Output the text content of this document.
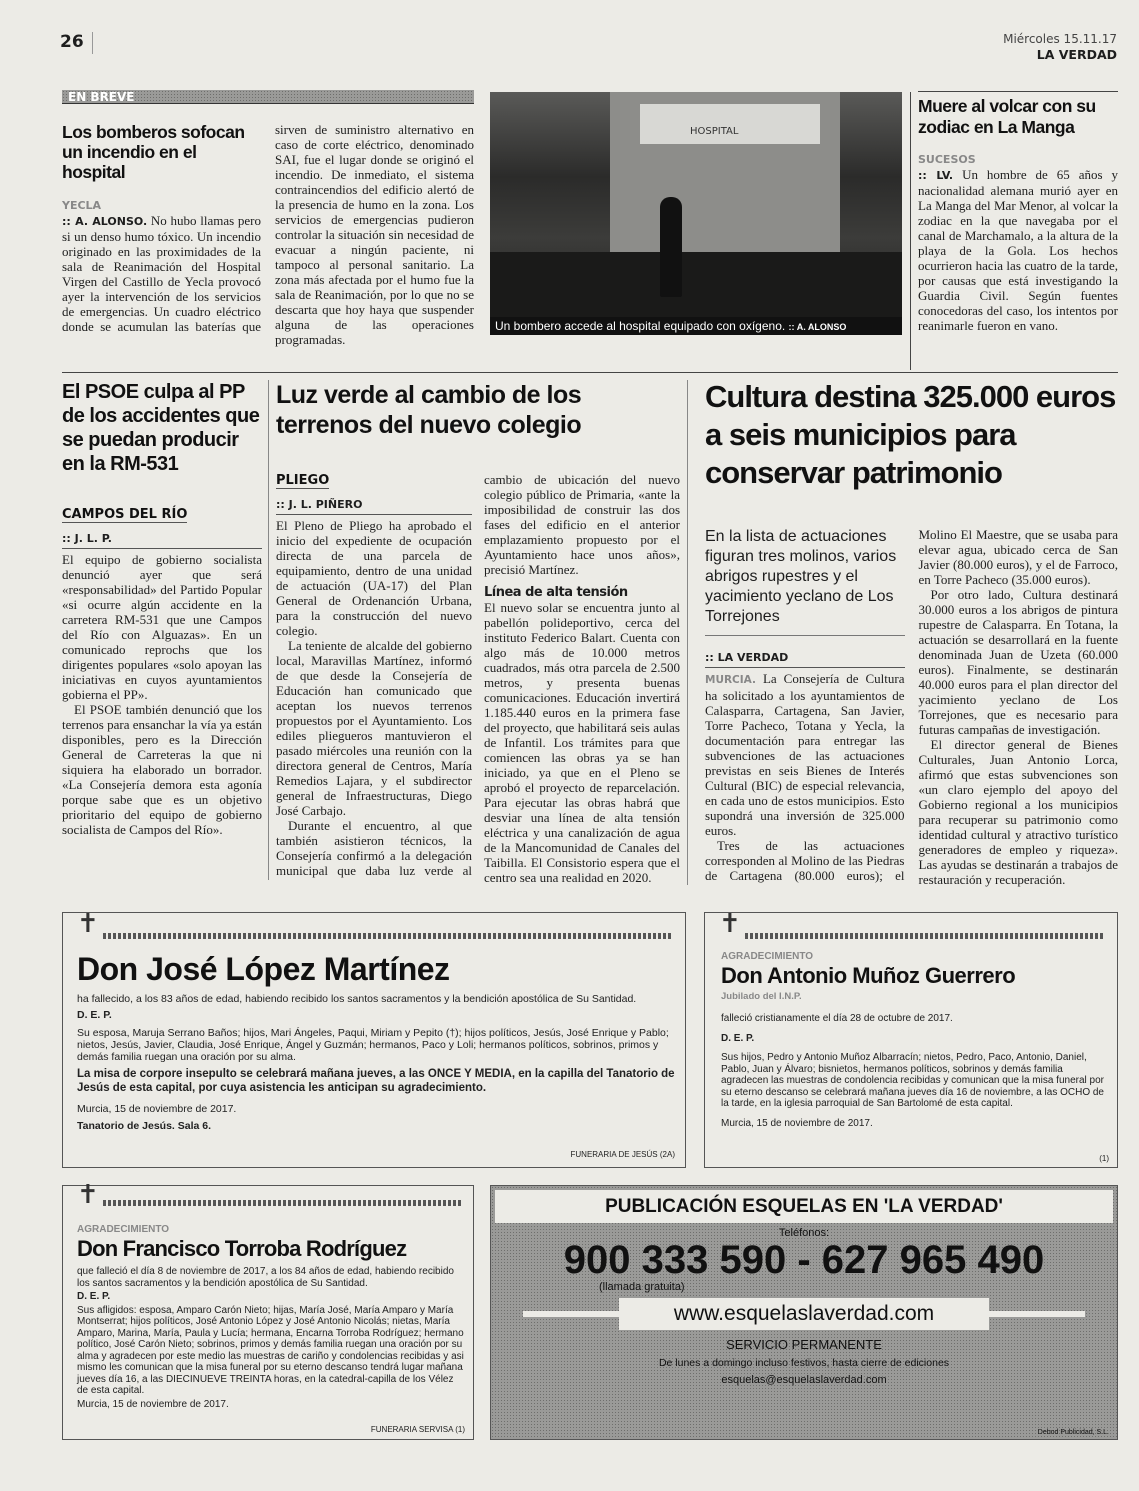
26	Miércoles 15.11.17
LA VERDAD
EN BREVE
Los bomberos sofocan un incendio en el hospital
YECLA

:: A. ALONSO. No hubo llamas pero si un denso humo tóxico. Un incendio originado en las proximidades de la sala de Reanimación del Hospital Virgen del Castillo de Yecla provocó ayer la intervención de los servicios de emergencias. Un cuadro eléctrico donde se acumulan las baterías que sirven de suministro alternativo en caso de corte eléctrico, denominado SAI, fue el lugar donde se originó el incendio. De inmediato, el sistema contraincendios del edificio alertó de la presencia de humo en la zona. Los servicios de emergencias pudieron controlar la situación sin necesidad de evacuar a ningún paciente, ni tampoco al personal sanitario. La zona más afectada por el humo fue la sala de Reanimación, por lo que no se descarta que hoy haya que suspender alguna de las operaciones programadas.

HOSPITAL
Un bombero accede al hospital equipado con oxígeno. :: A. ALONSO
Muere al volcar con su zodiac en La Manga
SUCESOS

:: LV. Un hombre de 65 años y nacionalidad alemana murió ayer en La Manga del Mar Menor, al volcar la zodiac en la que navegaba por el canal de Marchamalo, a la altura de la playa de la Gola. Los hechos ocurrieron hacia las cuatro de la tarde, por causas que está investigando la Guardia Civil. Según fuentes conocedoras del caso, los intentos por reanimarle fueron en vano.

El PSOE culpa al PP de los accidentes que se puedan producir en la RM-531
CAMPOS DEL RÍO
:: J. L. P.

El equipo de gobierno socialista denunció ayer que será «responsabilidad» del Partido Popular «si ocurre algún accidente en la carretera RM-531 que une Campos del Río con Alguazas». En un comunicado reprochs que los dirigentes populares «solo apoyan las iniciativas en cuyos ayuntamientos gobierna el PP».

El PSOE también denunció que los terrenos para ensanchar la vía ya están disponibles, pero es la Dirección General de Carreteras la que ni siquiera ha elaborado un borrador. «La Consejería demora esta agonía porque sabe que es un objetivo prioritario del equipo de gobierno socialista de Campos del Río».

Luz verde al cambio de los terrenos del nuevo colegio
PLIEGO
:: J. L. PIÑERO

El Pleno de Pliego ha aprobado el inicio del expediente de ocupación directa de una parcela de equipamiento, dentro de una unidad de actuación (UA-17) del Plan General de Ordenanción Urbana, para la construcción del nuevo colegio.

La teniente de alcalde del gobierno local, Maravillas Martínez, informó de que desde la Consejería de Educación han comunicado que aceptan los nuevos terrenos propuestos por el Ayuntamiento. Los ediles pliegueros mantuvieron el pasado miércoles una reunión con la directora general de Centros, María Remedios Lajara, y el subdirector general de Infraestructuras, Diego José Carbajo.

Durante el encuentro, al que también asistieron técnicos, la Consejería confirmó a la delegación municipal que daba luz verde al cambio de ubicación del nuevo colegio público de Primaria, «ante la imposibilidad de construir las dos fases del edificio en el anterior emplazamiento propuesto por el Ayuntamiento hace unos años», precisió Martínez.

Línea de alta tensión

El nuevo solar se encuentra junto al pabellón polideportivo, cerca del instituto Federico Balart. Cuenta con algo más de 10.000 metros cuadrados, más otra parcela de 2.500 metros, y presenta buenas comunicaciones. Educación invertirá 1.185.440 euros en la primera fase del proyecto, que habilitará seis aulas de Infantil. Los trámites para que comiencen las obras ya se han iniciado, ya que en el Pleno se aprobó el proyecto de reparcelación. Para ejecutar las obras habrá que desviar una línea de alta tensión eléctrica y una canalización de agua de la Mancomunidad de Canales del Taibilla. El Consistorio espera que el centro sea una realidad en 2020.

Cultura destina 325.000 euros a seis municipios para conservar patrimonio
En la lista de actuaciones figuran tres molinos, varios abrigos rupestres y el yacimiento yeclano de Los Torrejones
:: LA VERDAD

MURCIA. La Consejería de Cultura ha solicitado a los ayuntamientos de Calasparra, Cartagena, San Javier, Torre Pacheco, Totana y Yecla, la documentación para entregar las subvenciones de las actuaciones previstas en seis Bienes de Interés Cultural (BIC) de especial relevancia, en cada uno de estos municipios. Esto supondrá una inversión de 325.000 euros.

Tres de las actuaciones corresponden al Molino de las Piedras de Cartagena (80.000 euros); el Molino El Maestre, que se usaba para elevar agua, ubicado cerca de San Javier (80.000 euros), y el de Farroco, en Torre Pacheco (35.000 euros).

Por otro lado, Cultura destinará 30.000 euros a los abrigos de pintura rupestre de Calasparra. En Totana, la actuación se desarrollará en la fuente denominada Juan de Uzeta (60.000 euros). Finalmente, se destinarán 40.000 euros para el plan director del yacimiento yeclano de Los Torrejones, que es necesario para futuras campañas de investigación.

El director general de Bienes Culturales, Juan Antonio Lorca, afirmó que estas subvenciones son «un claro ejemplo del apoyo del Gobierno regional a los municipios para recuperar su patrimonio como identidad cultural y atractivo turístico generadores de empleo y riqueza». Las ayudas se destinarán a trabajos de restauración y recuperación.

✝
Don José López Martínez
ha fallecido, a los 83 años de edad, habiendo recibido los santos sacramentos y la bendición apostólica de Su Santidad.
D. E. P.
Su esposa, Maruja Serrano Baños; hijos, Mari Ángeles, Paqui, Miriam y Pepito (†); hijos políticos, Jesús, José Enrique y Pablo; nietos, Jesús, Javier, Claudia, José Enrique, Ángel y Guzmán; hermanos, Paco y Loli; hermanos políticos, sobrinos, primos y demás familia ruegan una oración por su alma.
La misa de corpore insepulto se celebrará mañana jueves, a las ONCE Y MEDIA, en la capilla del Tanatorio de Jesús de esta capital, por cuya asistencia les anticipan su agradecimiento.
Murcia, 15 de noviembre de 2017.
Tanatorio de Jesús. Sala 6.
FUNERARIA DE JESÚS (2A)
✝
AGRADECIMIENTO
Don Antonio Muñoz Guerrero
Jubilado del I.N.P.
falleció cristianamente el día 28 de octubre de 2017.
D. E. P.
Sus hijos, Pedro y Antonio Muñoz Albarracín; nietos, Pedro, Paco, Antonio, Daniel, Pablo, Juan y Álvaro; bisnietos, hermanos políticos, sobrinos y demás familia agradecen las muestras de condolencia recibidas y comunican que la misa funeral por su eterno descanso se celebrará mañana jueves día 16 de noviembre, a las OCHO de la tarde, en la iglesia parroquial de San Bartolomé de esta capital.
Murcia, 15 de noviembre de 2017.
(1)
✝
AGRADECIMIENTO
Don Francisco Torroba Rodríguez
que falleció el día 8 de noviembre de 2017, a los 84 años de edad, habiendo recibido los santos sacramentos y la bendición apostólica de Su Santidad.
D. E. P.
Sus afligidos: esposa, Amparo Carón Nieto; hijas, María José, María Amparo y María Montserrat; hijos políticos, José Antonio López y José Antonio Nicolás; nietas, María Amparo, Marina, María, Paula y Lucía; hermana, Encarna Torroba Rodríguez; hermano político, José Carón Nieto; sobrinos, primos y demás familia ruegan una oración por su alma y agradecen por este medio las muestras de cariño y condolencias recibidas y asi mismo les comunican que la misa funeral por su eterno descanso tendrá lugar mañana jueves día 16, a las DIECINUEVE TREINTA horas, en la catedral-capilla de los Vélez de esta capital.
Murcia, 15 de noviembre de 2017.
FUNERARIA SERVISA (1)
PUBLICACIÓN ESQUELAS EN 'LA VERDAD'
Teléfonos:
900 333 590 - 627 965 490
(llamada gratuita)
www.esquelaslaverdad.com
SERVICIO PERMANENTE
De lunes a domingo incluso festivos, hasta cierre de ediciones
esquelas@esquelaslaverdad.com
Debod Publicidad, S.L.
